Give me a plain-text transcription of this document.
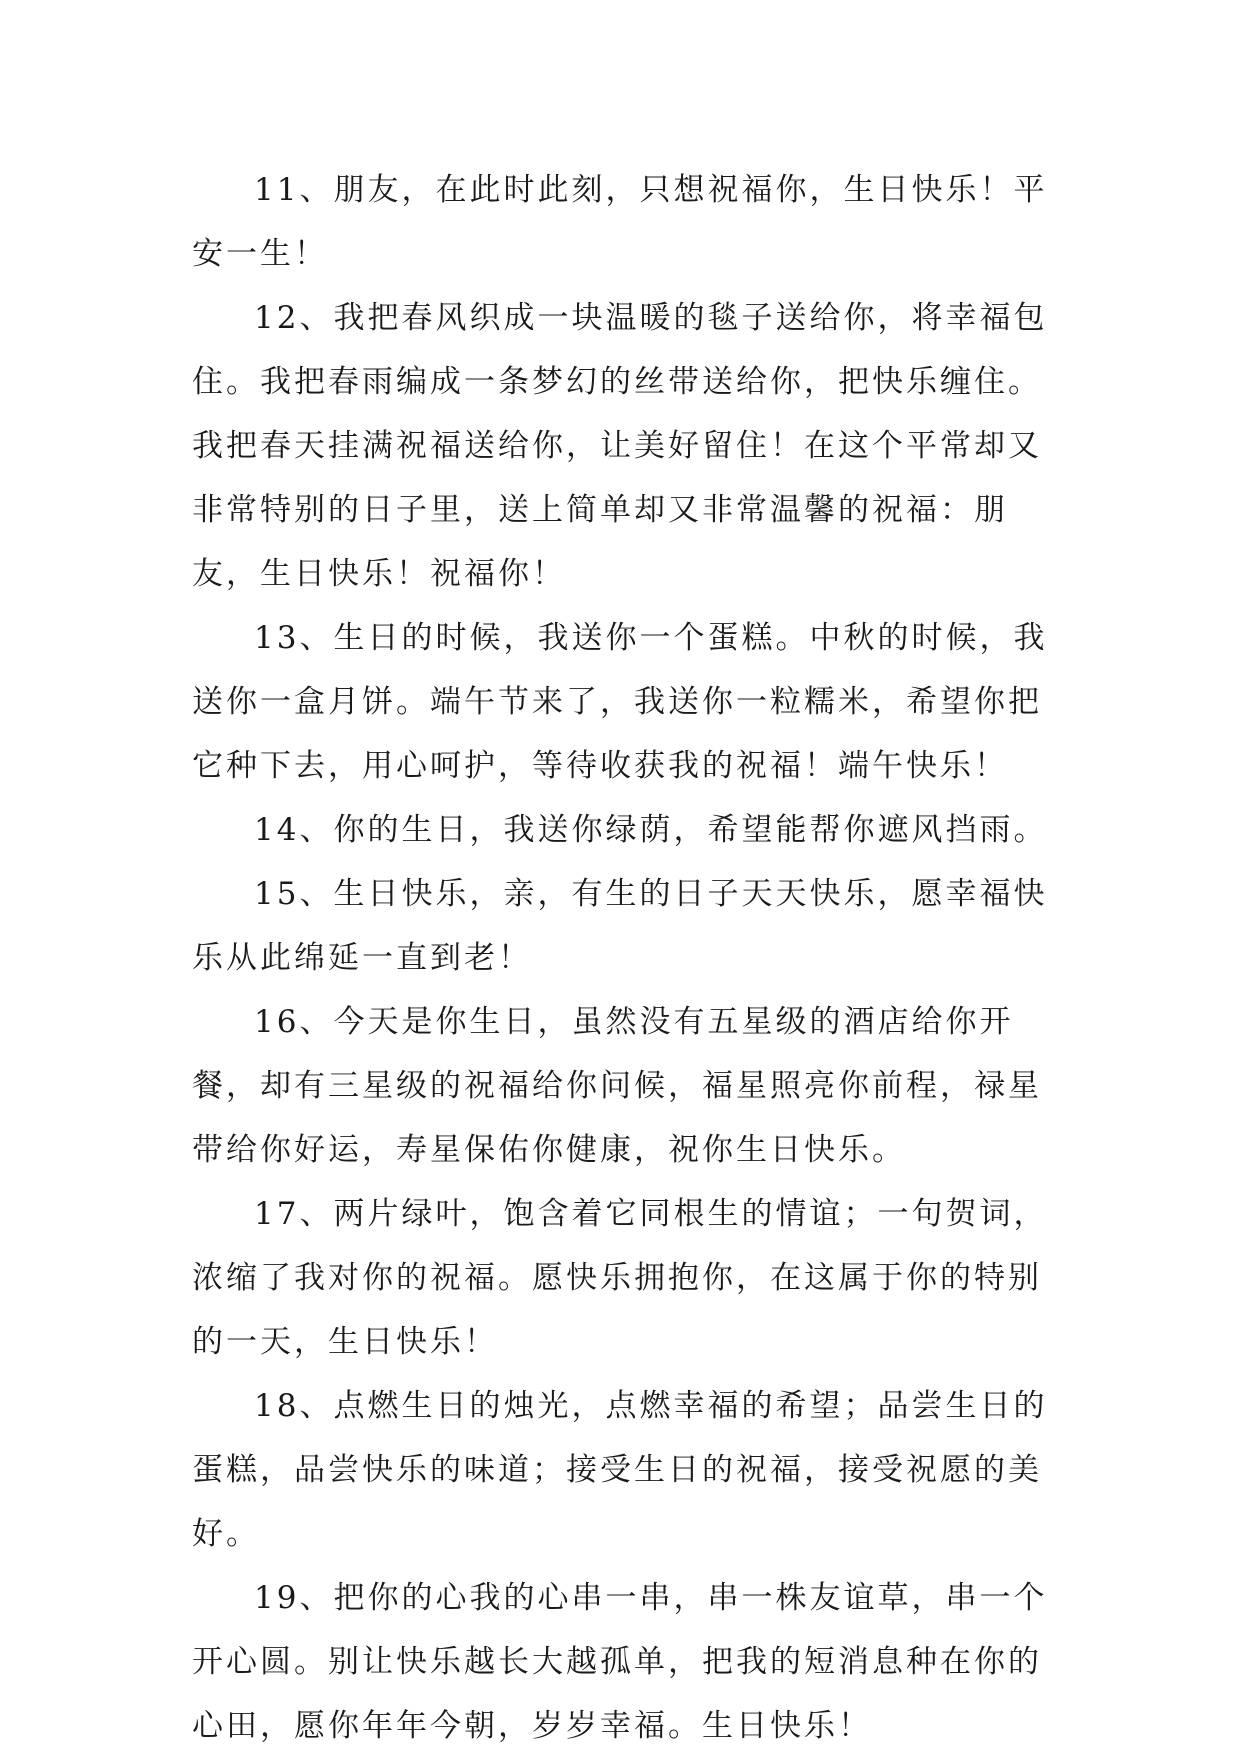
11、朋友，在此时此刻，只想祝福你，生日快乐！平安一生！

12、我把春风织成一块温暖的毯子送给你，将幸福包住。我把春雨编成一条梦幻的丝带送给你，把快乐缠住。我把春天挂满祝福送给你，让美好留住！在这个平常却又非常特别的日子里，送上简单却又非常温馨的祝福：朋友，生日快乐！祝福你！

13、生日的时候，我送你一个蛋糕。中秋的时候，我送你一盒月饼。端午节来了，我送你一粒糯米，希望你把它种下去，用心呵护，等待收获我的祝福！端午快乐！

14、你的生日，我送你绿荫，希望能帮你遮风挡雨。

15、生日快乐，亲，有生的日子天天快乐，愿幸福快乐从此绵延一直到老！

16、今天是你生日，虽然没有五星级的酒店给你开餐，却有三星级的祝福给你问候，福星照亮你前程，禄星带给你好运，寿星保佑你健康，祝你生日快乐。

17、两片绿叶，饱含着它同根生的情谊；一句贺词，浓缩了我对你的祝福。愿快乐拥抱你，在这属于你的特别的一天，生日快乐！

18、点燃生日的烛光，点燃幸福的希望；品尝生日的蛋糕，品尝快乐的味道；接受生日的祝福，接受祝愿的美好。

19、把你的心我的心串一串，串一株友谊草，串一个开心圆。别让快乐越长大越孤单，把我的短消息种在你的心田，愿你年年今朝，岁岁幸福。生日快乐！
